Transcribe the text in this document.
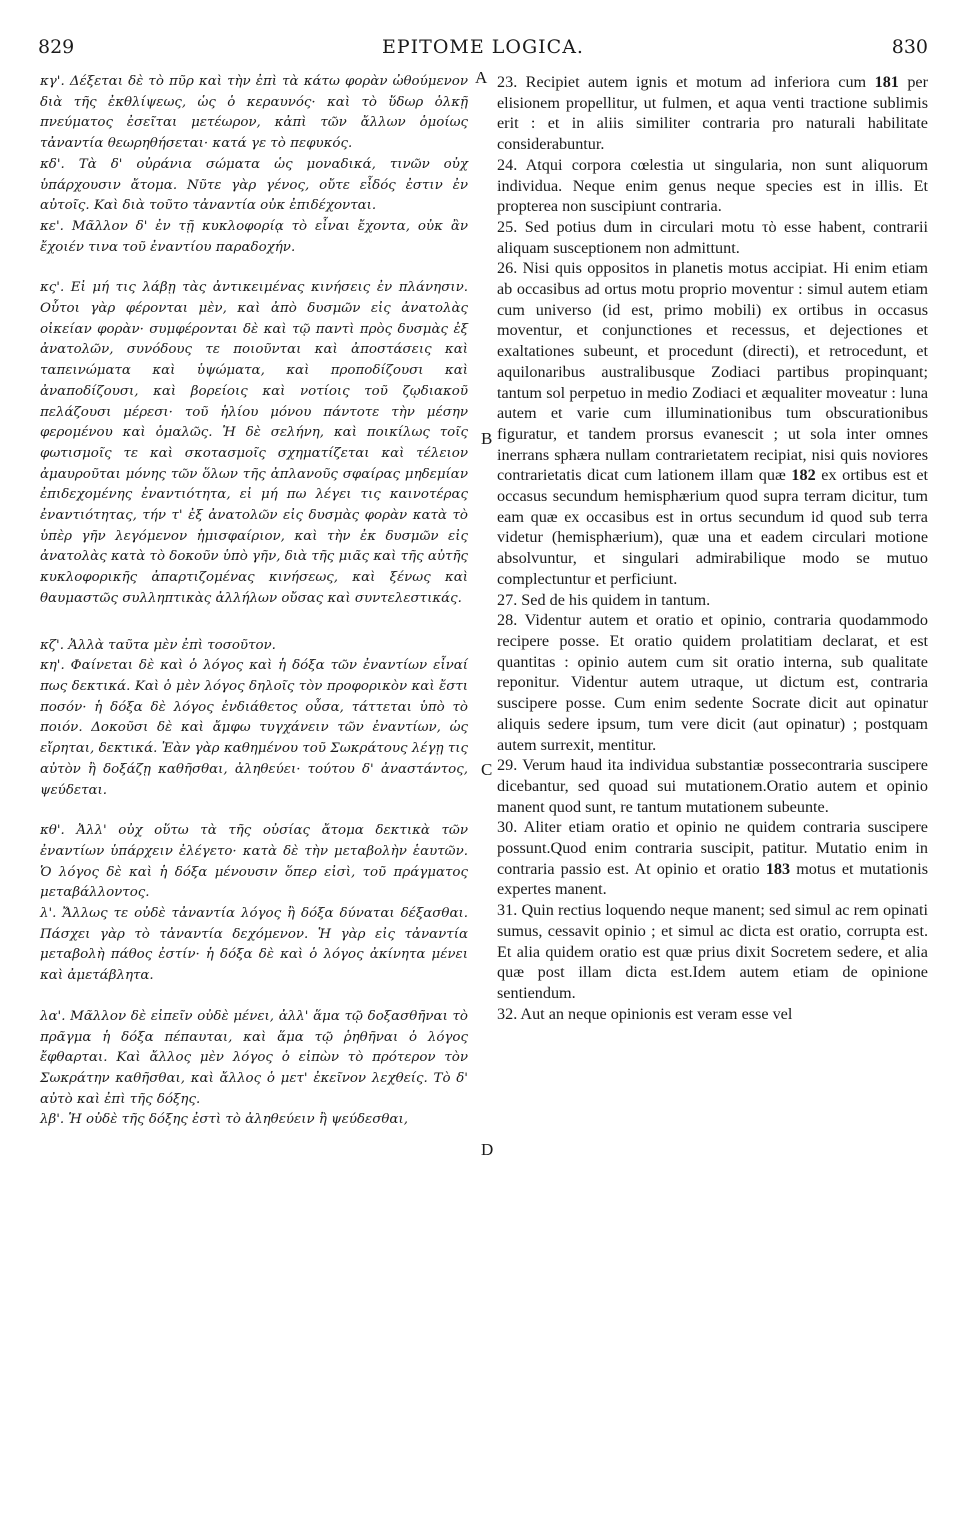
829	EPITOME LOGICA.	830
A
B
C
D

κγ'. Δέξεται δὲ τὸ πῦρ καὶ τὴν ἐπὶ τὰ κάτω φορὰν ὠθούμενον διὰ τῆς ἐκθλίψεως, ὡς ὁ κεραυνός· καὶ τὸ ὕδωρ ὁλκῇ πνεύματος ἐσεῖται μετέωρον, κἀπὶ τῶν ἄλλων ὁμοίως τἀναντία θεωρηθήσεται· κατά γε τὸ πεφυκός.

κδ'. Τὰ δ' οὐράνια σώματα ὡς μοναδικά, τινῶν οὐχ ὑπάρχουσιν ἄτομα. Νῦτε γὰρ γένος, οὔτε εἶδός ἐστιν ἐν αὐτοῖς. Καὶ διὰ τοῦτο τἀναντία οὐκ ἐπιδέχονται.

κε'. Μᾶλλον δ' ἐν τῇ κυκλοφορίᾳ τὸ εἶναι ἔχοντα, οὐκ ἂν ἔχοιέν τινα τοῦ ἐναντίου παραδοχήν.

κς'. Εἰ μή τις λάβῃ τὰς ἀντικειμένας κινήσεις ἐν πλάνησιν. Οὗτοι γὰρ φέρονται μὲν, καὶ ἀπὸ δυσμῶν εἰς ἀνατολὰς οἰκείαν φορὰν· συμφέρονται δὲ καὶ τῷ παντὶ πρὸς δυσμὰς ἐξ ἀνατολῶν, συνόδους τε ποιοῦνται καὶ ἀποστάσεις καὶ ταπεινώματα καὶ ὑψώματα, καὶ προποδίζουσι καὶ ἀναποδίζουσι, καὶ βορείοις καὶ νοτίοις τοῦ ζῳδιακοῦ πελάζουσι μέρεσι· τοῦ ἡλίου μόνου πάντοτε τὴν μέσην φερομένου καὶ ὁμαλῶς. Ἡ δὲ σελήνη, καὶ ποικίλως τοῖς φωτισμοῖς τε καὶ σκοτασμοῖς σχηματίζεται καὶ τέλειον ἀμαυροῦται μόνης τῶν ὅλων τῆς ἀπλανοῦς σφαίρας μηδεμίαν ἐπιδεχομένης ἐναντιότητα, εἰ μή πω λέγει τις καινοτέρας ἐναντιότητας, τήν τ' ἐξ ἀνατολῶν εἰς δυσμὰς φορὰν κατὰ τὸ ὑπὲρ γῆν λεγόμενον ἡμισφαίριον, καὶ τὴν ἐκ δυσμῶν εἰς ἀνατολὰς κατὰ τὸ δοκοῦν ὑπὸ γῆν, διὰ τῆς μιᾶς καὶ τῆς αὐτῆς κυκλοφορικῆς ἀπαρτιζομένας κινήσεως, καὶ ξένως καὶ θαυμαστῶς συλληπτικὰς ἀλλήλων οὔσας καὶ συντελεστικάς.

κζ'. Ἀλλὰ ταῦτα μὲν ἐπὶ τοσοῦτον.

κη'. Φαίνεται δὲ καὶ ὁ λόγος καὶ ἡ δόξα τῶν ἐναντίων εἶναί πως δεκτικά. Καὶ ὁ μὲν λόγος δηλοῖς τὸν προφορικὸν καὶ ἔστι ποσόν· ἡ δόξα δὲ λόγος ἐνδιάθετος οὖσα, τάττεται ὑπὸ τὸ ποιόν. Δοκοῦσι δὲ καὶ ἄμφω τυγχάνειν τῶν ἐναντίων, ὡς εἴρηται, δεκτικά. Ἐὰν γὰρ καθημένου τοῦ Σωκράτους λέγῃ τις αὐτὸν ἢ δοξάζῃ καθῆσθαι, ἀληθεύει· τούτου δ' ἀναστάντος, ψεύδεται.

κθ'. Ἀλλ' οὐχ οὕτω τὰ τῆς οὐσίας ἄτομα δεκτικὰ τῶν ἐναντίων ὑπάρχειν ἐλέγετο· κατὰ δὲ τὴν μεταβολὴν ἑαυτῶν. Ὁ λόγος δὲ καὶ ἡ δόξα μένουσιν ὅπερ εἰσὶ, τοῦ πράγματος μεταβάλλοντος.

λ'. Ἄλλως τε οὐδὲ τἀναντία λόγος ἢ δόξα δύναται δέξασθαι. Πάσχει γὰρ τὸ τἀναντία δεχόμενον. Ἡ γὰρ εἰς τἀναντία μεταβολὴ πάθος ἐστίν· ἡ δόξα δὲ καὶ ὁ λόγος ἀκίνητα μένει καὶ ἀμετάβλητα.

λα'. Μᾶλλον δὲ εἰπεῖν οὐδὲ μένει, ἀλλ' ἅμα τῷ δοξασθῆναι τὸ πρᾶγμα ἡ δόξα πέπαυται, καὶ ἅμα τῷ ῥηθῆναι ὁ λόγος ἔφθαρται. Καὶ ἄλλος μὲν λόγος ὁ εἰπὼν τὸ πρότερον τὸν Σωκράτην καθῆσθαι, καὶ ἄλλος ὁ μετ' ἐκεῖνον λεχθείς. Τὸ δ' αὐτὸ καὶ ἐπὶ τῆς δόξης.

λβ'. Ἡ οὐδὲ τῆς δόξης ἐστὶ τὸ ἀληθεύειν ἢ ψεύδεσθαι,

23. Recipiet autem ignis et motum ad inferiora cum 181 per elisionem propellitur, ut fulmen, et aqua venti tractione sublimis erit : et in aliis similiter contraria pro naturali habilitate considerabuntur.

24. Atqui corpora cœlestia ut singularia, non sunt aliquorum individua. Neque enim genus neque species est in illis. Et propterea non suscipiunt contraria.

25. Sed potius dum in circulari motu τὸ esse habent, contrarii aliquam susceptionem non admittunt.

26. Nisi quis oppositos in planetis motus accipiat. Hi enim etiam ab occasibus ad ortus motu proprio moventur : simul autem etiam cum universo (id est, primo mobili) ex ortibus in occasus moventur, et conjunctiones et recessus, et dejectiones et exaltationes subeunt, et procedunt (directi), et retrocedunt, et aquilonaribus australibusque Zodiaci partibus propinquant; tantum sol perpetuo in medio Zodiaci et æqualiter moveatur : luna autem et varie cum illuminationibus tum obscurationibus figuratur, et tandem prorsus evanescit ; ut sola inter omnes inerrans sphæra nullam contrarietatem recipiat, nisi quis noviores contrarietatis dicat cum lationem illam quæ 182 ex ortibus est et occasus secundum hemisphærium quod supra terram dicitur, tum eam quæ ex occasibus est in ortus secundum id quod sub terra videtur (hemisphærium), quæ una et eadem circulari motione absolvuntur, et singulari admirabilique modo se mutuo complectuntur et perficiunt.

27. Sed de his quidem in tantum.

28. Videntur autem et oratio et opinio, contraria quodammodo recipere posse. Et oratio quidem prolatitiam declarat, et est quantitas : opinio autem cum sit oratio interna, sub qualitate reponitur. Videntur autem utraque, ut dictum est, contraria suscipere posse. Cum enim sedente Socrate dicit aut opinatur aliquis sedere ipsum, tum vere dicit (aut opinatur) ; postquam autem surrexit, mentitur.

29. Verum haud ita individua substantiæ possecontraria suscipere dicebantur, sed quoad sui mutationem.Oratio autem et opinio manent quod sunt, re tantum mutationem subeunte.

30. Aliter etiam oratio et opinio ne quidem contraria suscipere possunt.Quod enim contraria suscipit, patitur. Mutatio enim in contraria passio est. At opinio et oratio 183 motus et mutationis expertes manent.

31. Quin rectius loquendo neque manent; sed simul ac rem opinati sumus, cessavit opinio ; et simul ac dicta est oratio, corrupta est. Et alia quidem oratio est quæ prius dixit Socretem sedere, et alia quæ post illam dicta est.Idem autem etiam de opinione sentiendum.

32. Aut an neque opinionis est veram esse vel
